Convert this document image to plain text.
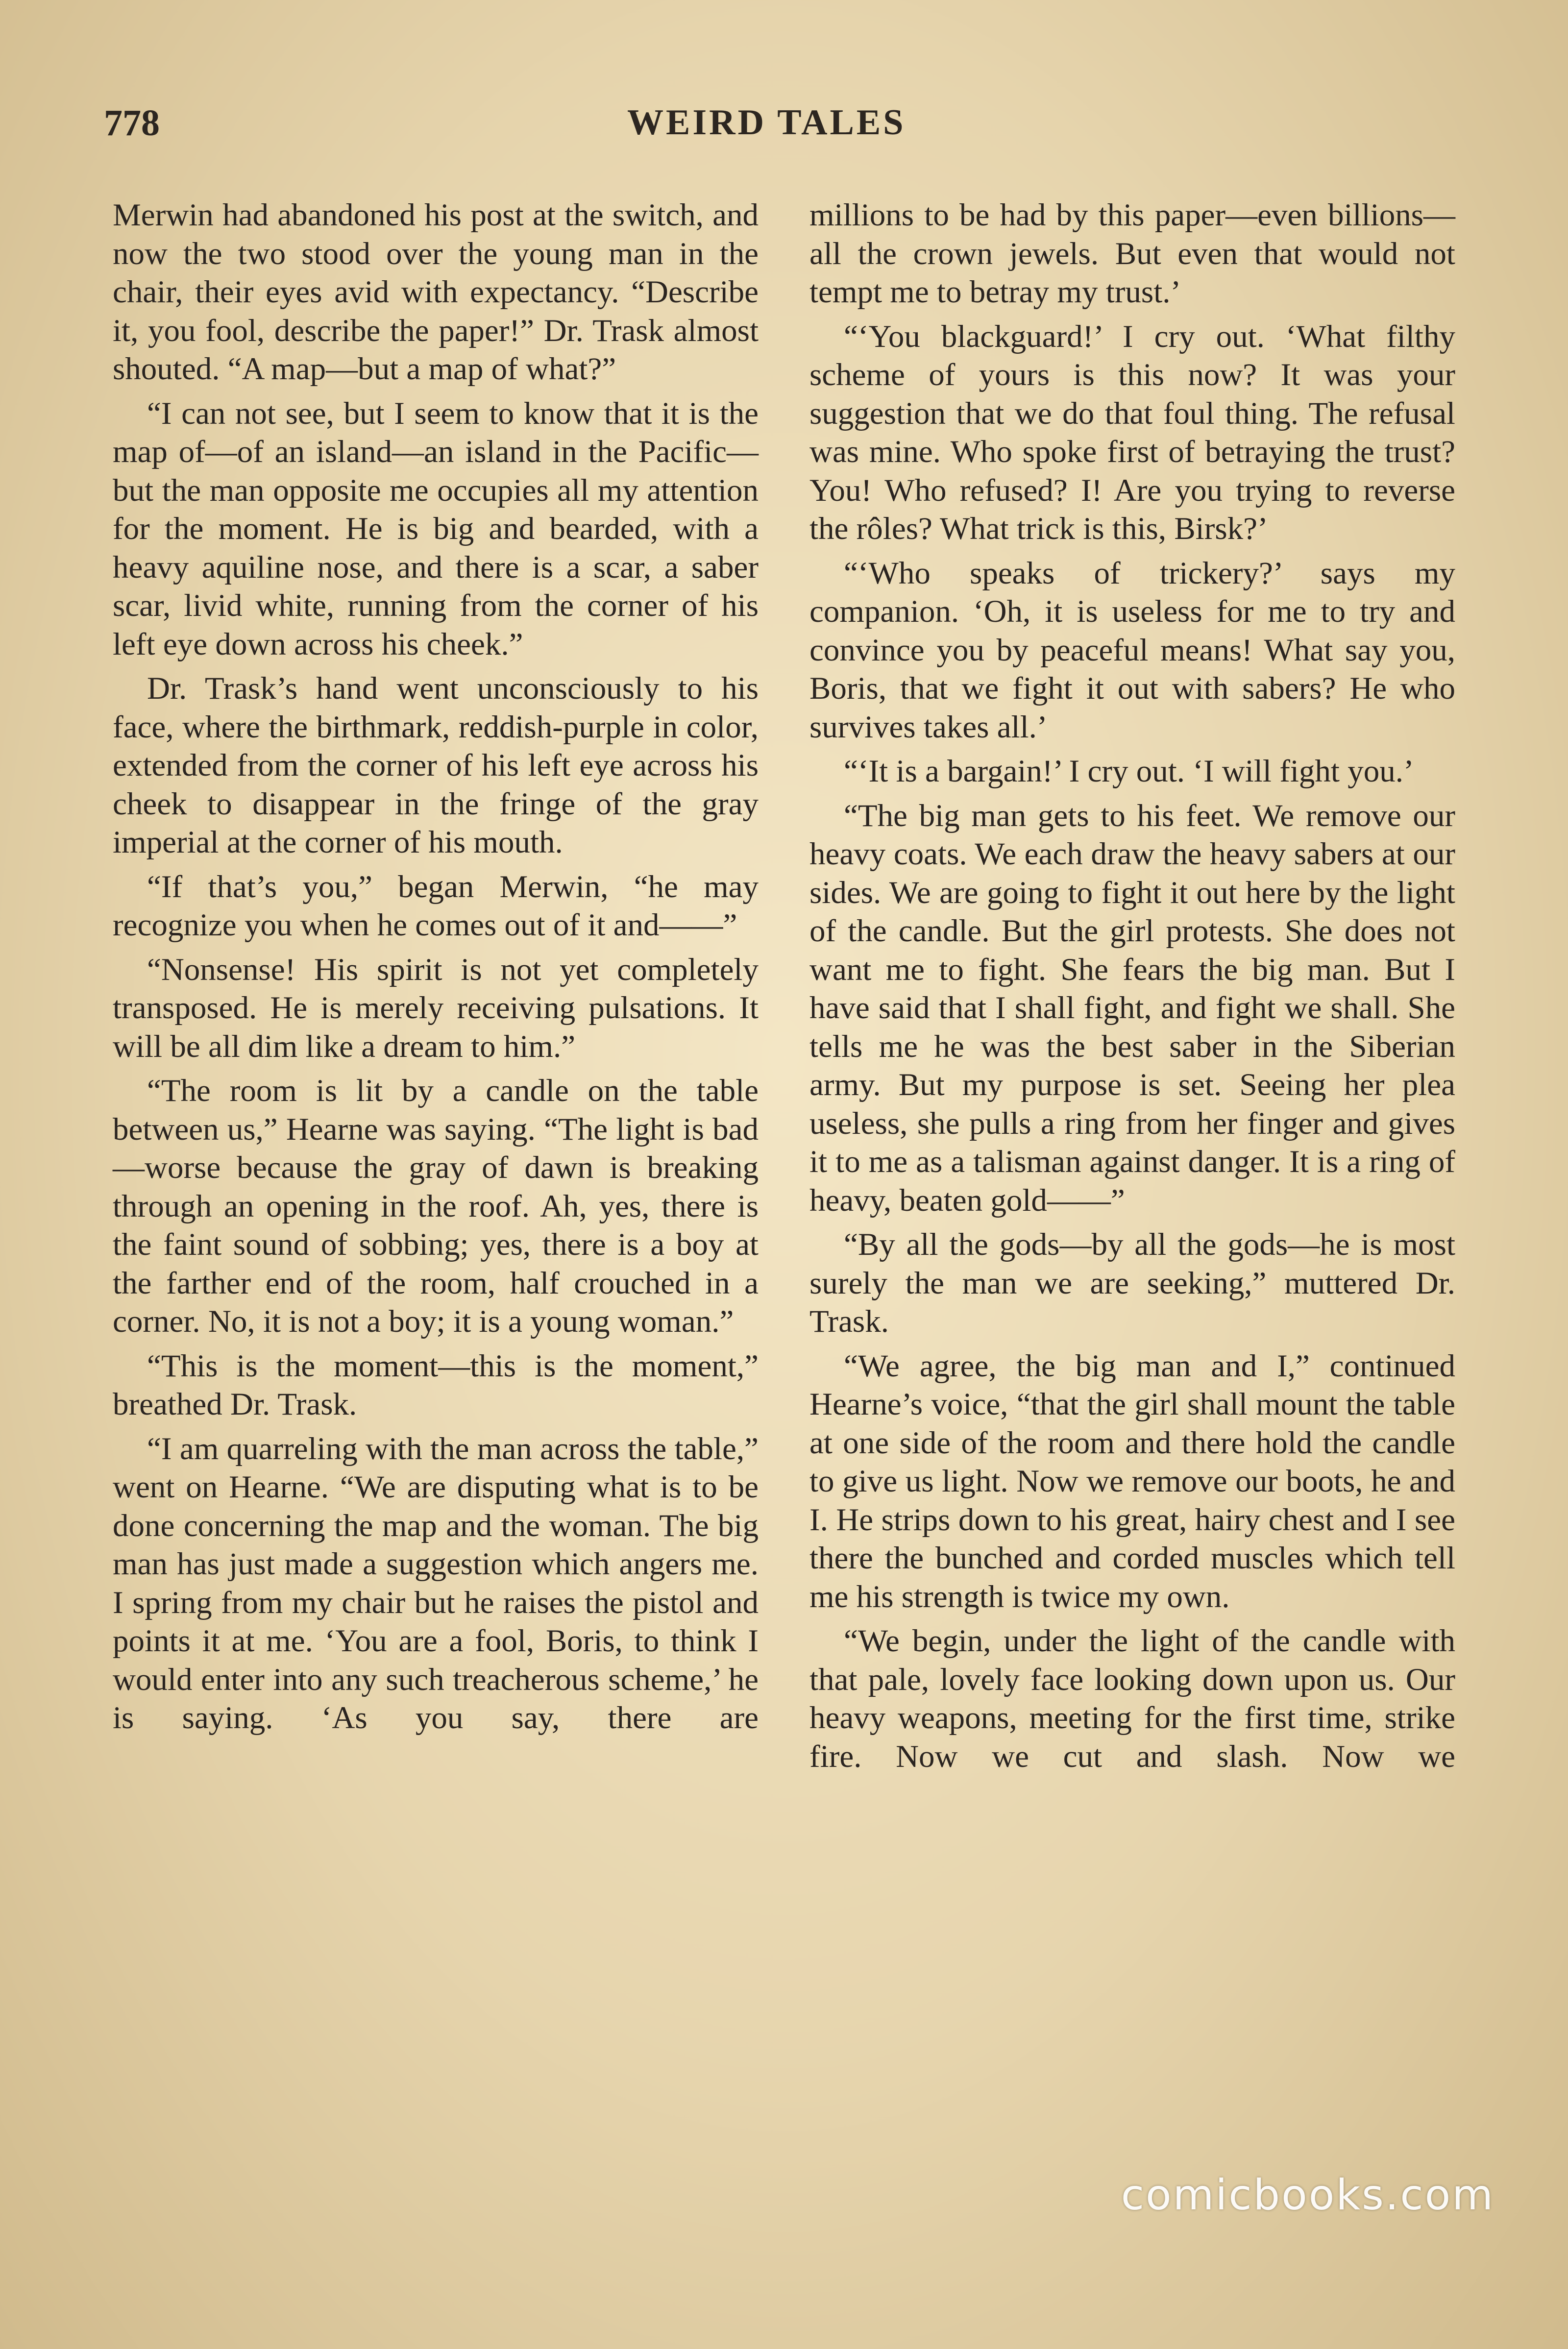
778	WEIRD TALES

Merwin had abandoned his post at the switch, and now the two stood over the young man in the chair, their eyes avid with expectancy. “Describe it, you fool, describe the paper!” Dr. Trask almost shouted. “A map—but a map of what?”

“I can not see, but I seem to know that it is the map of—of an island—an island in the Pacific—but the man opposite me occupies all my attention for the moment. He is big and bearded, with a heavy aquiline nose, and there is a scar, a saber scar, livid white, running from the corner of his left eye down across his cheek.”

Dr. Trask’s hand went unconsciously to his face, where the birthmark, reddish-purple in color, extended from the corner of his left eye across his cheek to disappear in the fringe of the gray imperial at the corner of his mouth.

“If that’s you,” began Merwin, “he may recognize you when he comes out of it and——”

“Nonsense! His spirit is not yet completely transposed. He is merely receiving pulsations. It will be all dim like a dream to him.”

“The room is lit by a candle on the table between us,” Hearne was saying. “The light is bad—worse because the gray of dawn is breaking through an opening in the roof. Ah, yes, there is the faint sound of sobbing; yes, there is a boy at the farther end of the room, half crouched in a corner. No, it is not a boy; it is a young woman.”

“This is the moment—this is the moment,” breathed Dr. Trask.

“I am quarreling with the man across the table,” went on Hearne. “We are disputing what is to be done concerning the map and the woman. The big man has just made a suggestion which angers me. I spring from my chair but he raises the pistol and points it at me. ‘You are a fool, Boris, to think I would enter into any such treacherous scheme,’ he is saying. ‘As you say, there are

millions to be had by this paper—even billions—all the crown jewels. But even that would not tempt me to betray my trust.’

“‘You blackguard!’ I cry out. ‘What filthy scheme of yours is this now? It was your suggestion that we do that foul thing. The refusal was mine. Who spoke first of betraying the trust? You! Who refused? I! Are you trying to reverse the rôles? What trick is this, Birsk?’

“‘Who speaks of trickery?’ says my companion. ‘Oh, it is useless for me to try and convince you by peaceful means! What say you, Boris, that we fight it out with sabers? He who survives takes all.’

“‘It is a bargain!’ I cry out. ‘I will fight you.’

“The big man gets to his feet. We remove our heavy coats. We each draw the heavy sabers at our sides. We are going to fight it out here by the light of the candle. But the girl protests. She does not want me to fight. She fears the big man. But I have said that I shall fight, and fight we shall. She tells me he was the best saber in the Siberian army. But my purpose is set. Seeing her plea useless, she pulls a ring from her finger and gives it to me as a talisman against danger. It is a ring of heavy, beaten gold——”

“By all the gods—by all the gods—he is most surely the man we are seeking,” muttered Dr. Trask.

“We agree, the big man and I,” continued Hearne’s voice, “that the girl shall mount the table at one side of the room and there hold the candle to give us light. Now we remove our boots, he and I. He strips down to his great, hairy chest and I see there the bunched and corded muscles which tell me his strength is twice my own.

“We begin, under the light of the candle with that pale, lovely face looking down upon us. Our heavy weapons, meeting for the first time, strike fire. Now we cut and slash. Now we

comicbooks.com
